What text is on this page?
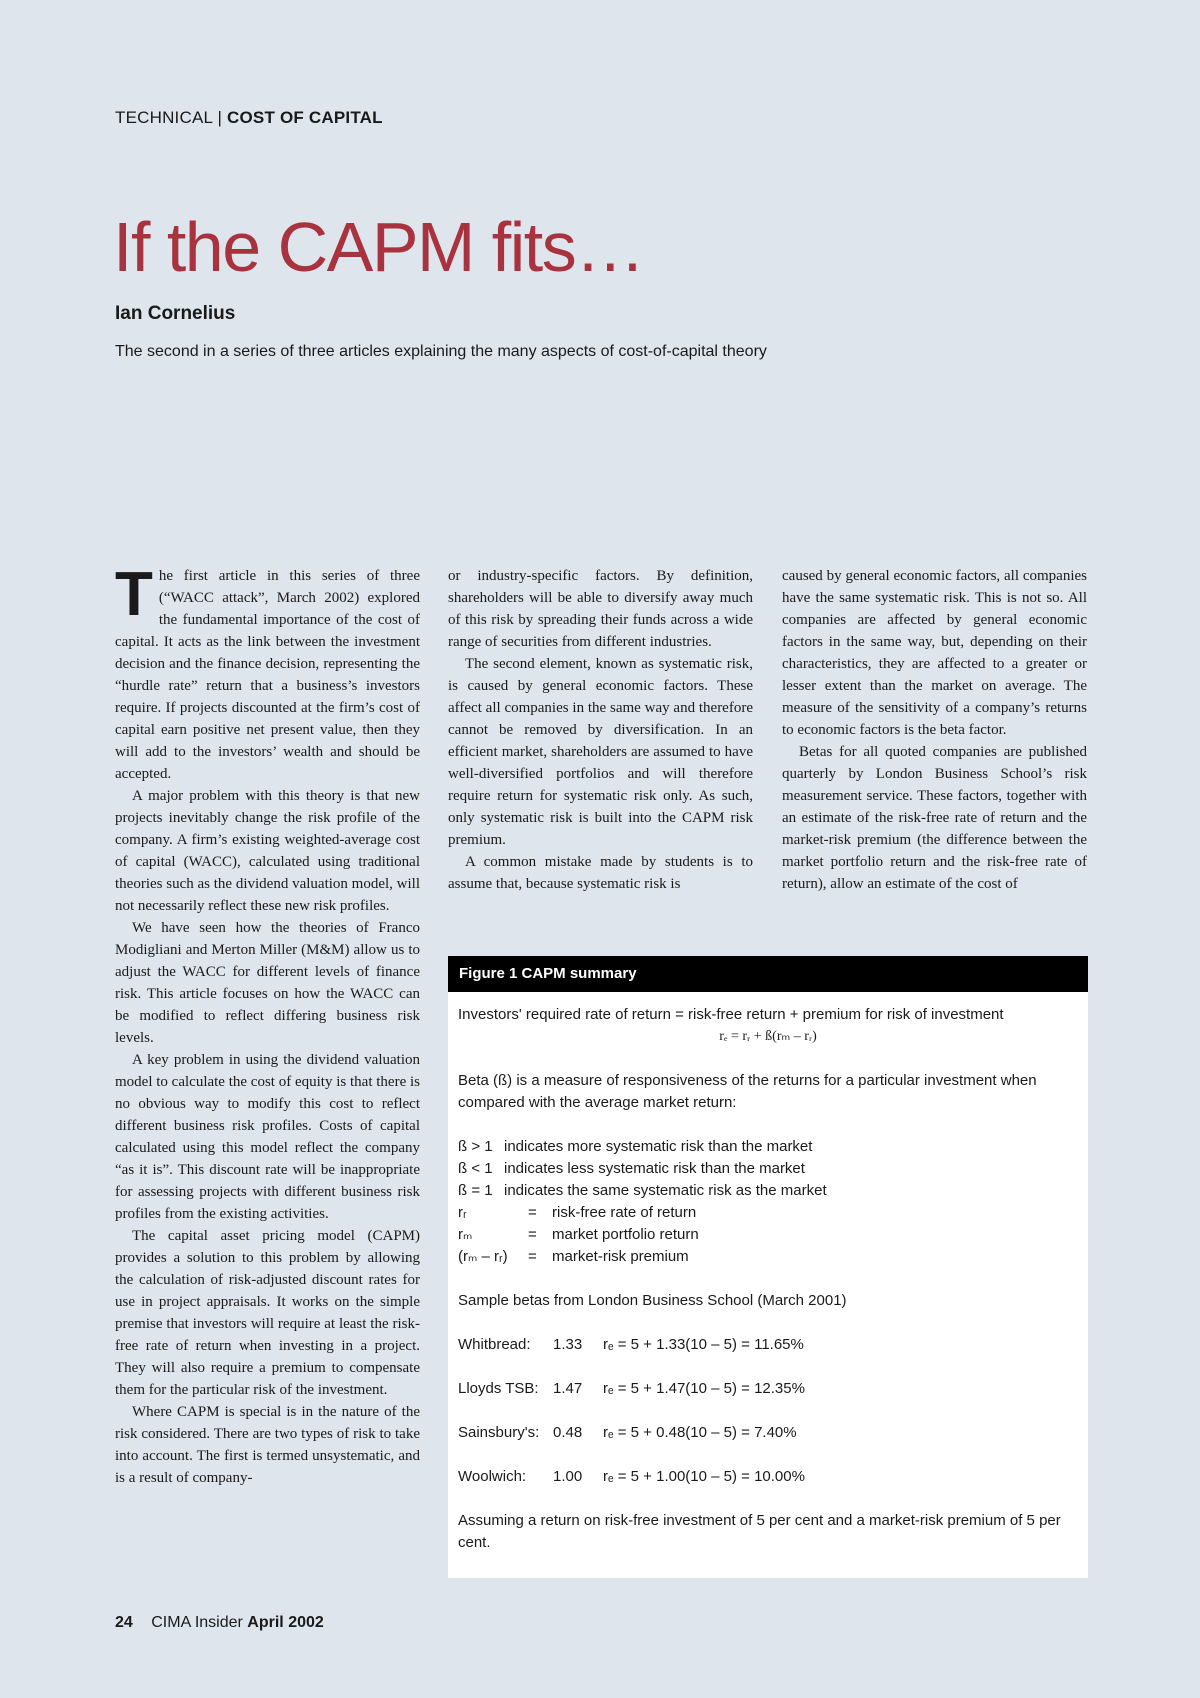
TECHNICAL | COST OF CAPITAL
If the CAPM fits…
Ian Cornelius
The second in a series of three articles explaining the many aspects of cost-of-capital theory

The first article in this series of three (“WACC attack”, March 2002) explored the fundamental importance of the cost of capital. It acts as the link between the investment decision and the finance decision, representing the “hurdle rate” return that a business’s investors require. If projects discounted at the firm’s cost of capital earn positive net present value, then they will add to the investors’ wealth and should be accepted.

A major problem with this theory is that new projects inevitably change the risk profile of the company. A firm’s existing weighted-average cost of capital (WACC), calculated using traditional theories such as the dividend valuation model, will not necessarily reflect these new risk profiles.

We have seen how the theories of Franco Modigliani and Merton Miller (M&M) allow us to adjust the WACC for different levels of finance risk. This article focuses on how the WACC can be modified to reflect differing business risk levels.

A key problem in using the dividend valuation model to calculate the cost of equity is that there is no obvious way to modify this cost to reflect different business risk profiles. Costs of capital calculated using this model reflect the company “as it is”. This discount rate will be inappropriate for assessing projects with different business risk profiles from the existing activities.

The capital asset pricing model (CAPM) provides a solution to this problem by allowing the calculation of risk-adjusted discount rates for use in project appraisals. It works on the simple premise that investors will require at least the risk-free rate of return when investing in a project. They will also require a premium to compensate them for the particular risk of the investment.

Where CAPM is special is in the nature of the risk considered. There are two types of risk to take into account. The first is termed unsystematic, and is a result of company-

or industry-specific factors. By definition, shareholders will be able to diversify away much of this risk by spreading their funds across a wide range of securities from different industries.

The second element, known as systematic risk, is caused by general economic factors. These affect all companies in the same way and therefore cannot be removed by diversification. In an efficient market, shareholders are assumed to have well-diversified portfolios and will therefore require return for systematic risk only. As such, only systematic risk is built into the CAPM risk premium.

A common mistake made by students is to assume that, because systematic risk is

caused by general economic factors, all companies have the same systematic risk. This is not so. All companies are affected by general economic factors in the same way, but, depending on their characteristics, they are affected to a greater or lesser extent than the market on average. The measure of the sensitivity of a company’s returns to economic factors is the beta factor.

Betas for all quoted companies are published quarterly by London Business School’s risk measurement service. These factors, together with an estimate of the risk-free rate of return and the market-risk premium (the difference between the market portfolio return and the risk-free rate of return), allow an estimate of the cost of

Figure 1 CAPM summary
Investors' required rate of return = risk-free return + premium for risk of investment
rₑ = rᵣ + ß(rₘ – rᵣ)
Beta (ß) is a measure of responsiveness of the returns for a particular investment when compared with the average market return:
ß > 1 indicates more systematic risk than the market
ß < 1 indicates less systematic risk than the market
ß = 1 indicates the same systematic risk as the market
rᵣ	=	risk-free rate of return
rₘ	=	market portfolio return
(rₘ – rᵣ)	=	market-risk premium
Sample betas from London Business School (March 2001)
Whitbread:	1.33	rₑ = 5 + 1.33(10 – 5) = 11.65%
Lloyds TSB: 1.47	rₑ = 5 + 1.47(10 – 5) = 12.35%
Sainsbury's: 0.48	rₑ = 5 + 0.48(10 – 5) = 7.40%
Woolwich:	1.00	rₑ = 5 + 1.00(10 – 5) = 10.00%
Assuming a return on risk-free investment of 5 per cent and a market-risk premium of 5 per cent.
24 CIMA Insider April 2002
